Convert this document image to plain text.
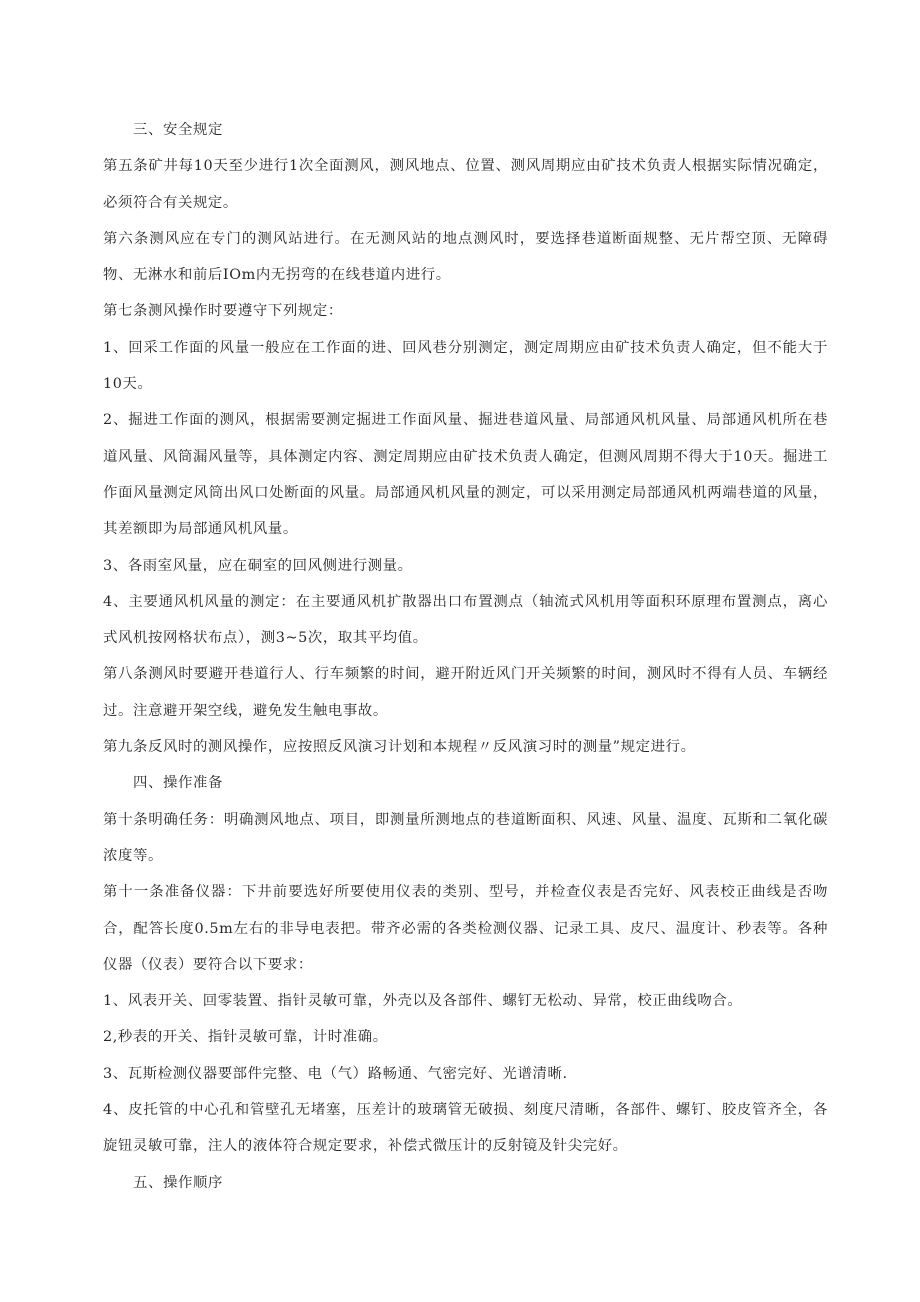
三、安全规定

第五条矿井每10天至少进行1次全面测风，测风地点、位置、测风周期应由矿技术负责人根据实际情况确定，必须符合有关规定。

第六条测风应在专门的测风站进行。在无测风站的地点测风时，要选择巷道断面规整、无片帮空顶、无障碍物、无淋水和前后IOm内无拐弯的在线巷道内进行。

第七条测风操作时要遵守下列规定：

1、回采工作面的风量一般应在工作面的进、回风巷分别测定，测定周期应由矿技术负责人确定，但不能大于10天。

2、掘进工作面的测风，根据需要测定掘进工作面风量、掘进巷道风量、局部通风机风量、局部通风机所在巷道风量、风筒漏风量等，具体测定内容、测定周期应由矿技术负责人确定，但测风周期不得大于10天。掘进工作面风量测定风筒出风口处断面的风量。局部通风机风量的测定，可以采用测定局部通风机两端巷道的风量，其差额即为局部通风机风量。

3、各雨室风量，应在硐室的回风侧进行测量。

4、主要通风机风量的测定：在主要通风机扩散器出口布置测点（轴流式风机用等面积环原理布置测点，离心式风机按网格状布点），测3~5次，取其平均值。

第八条测风时要避开巷道行人、行车频繁的时间，避开附近风门开关频繁的时间，测风时不得有人员、车辆经过。注意避开架空线，避免发生触电事故。

第九条反风时的测风操作，应按照反风演习计划和本规程〃反风演习时的测量”规定进行。

四、操作准备

第十条明确任务：明确测风地点、项目，即测量所测地点的巷道断面积、风速、风量、温度、瓦斯和二氧化碳浓度等。

第十一条准备仪器：下井前要选好所要使用仪表的类别、型号，并检查仪表是否完好、风表校正曲线是否吻合，配答长度0.5m左右的非导电表把。带齐必需的各类检测仪器、记录工具、皮尺、温度计、秒表等。各种仪器（仪表）要符合以下要求：

1、风表开关、回零装置、指针灵敏可靠，外壳以及各部件、螺钉无松动、异常，校正曲线吻合。

2,秒表的开关、指针灵敏可靠，计时准确。

3、瓦斯检测仪器要部件完整、电（气）路畅通、气密完好、光谱清晰.

4、皮托管的中心孔和管壁孔无堵塞，压差计的玻璃管无破损、刻度尺清晰，各部件、螺钉、胶皮管齐全，各旋钮灵敏可靠，注人的液体符合规定要求，补偿式微压计的反射镜及针尖完好。

五、操作顺序
